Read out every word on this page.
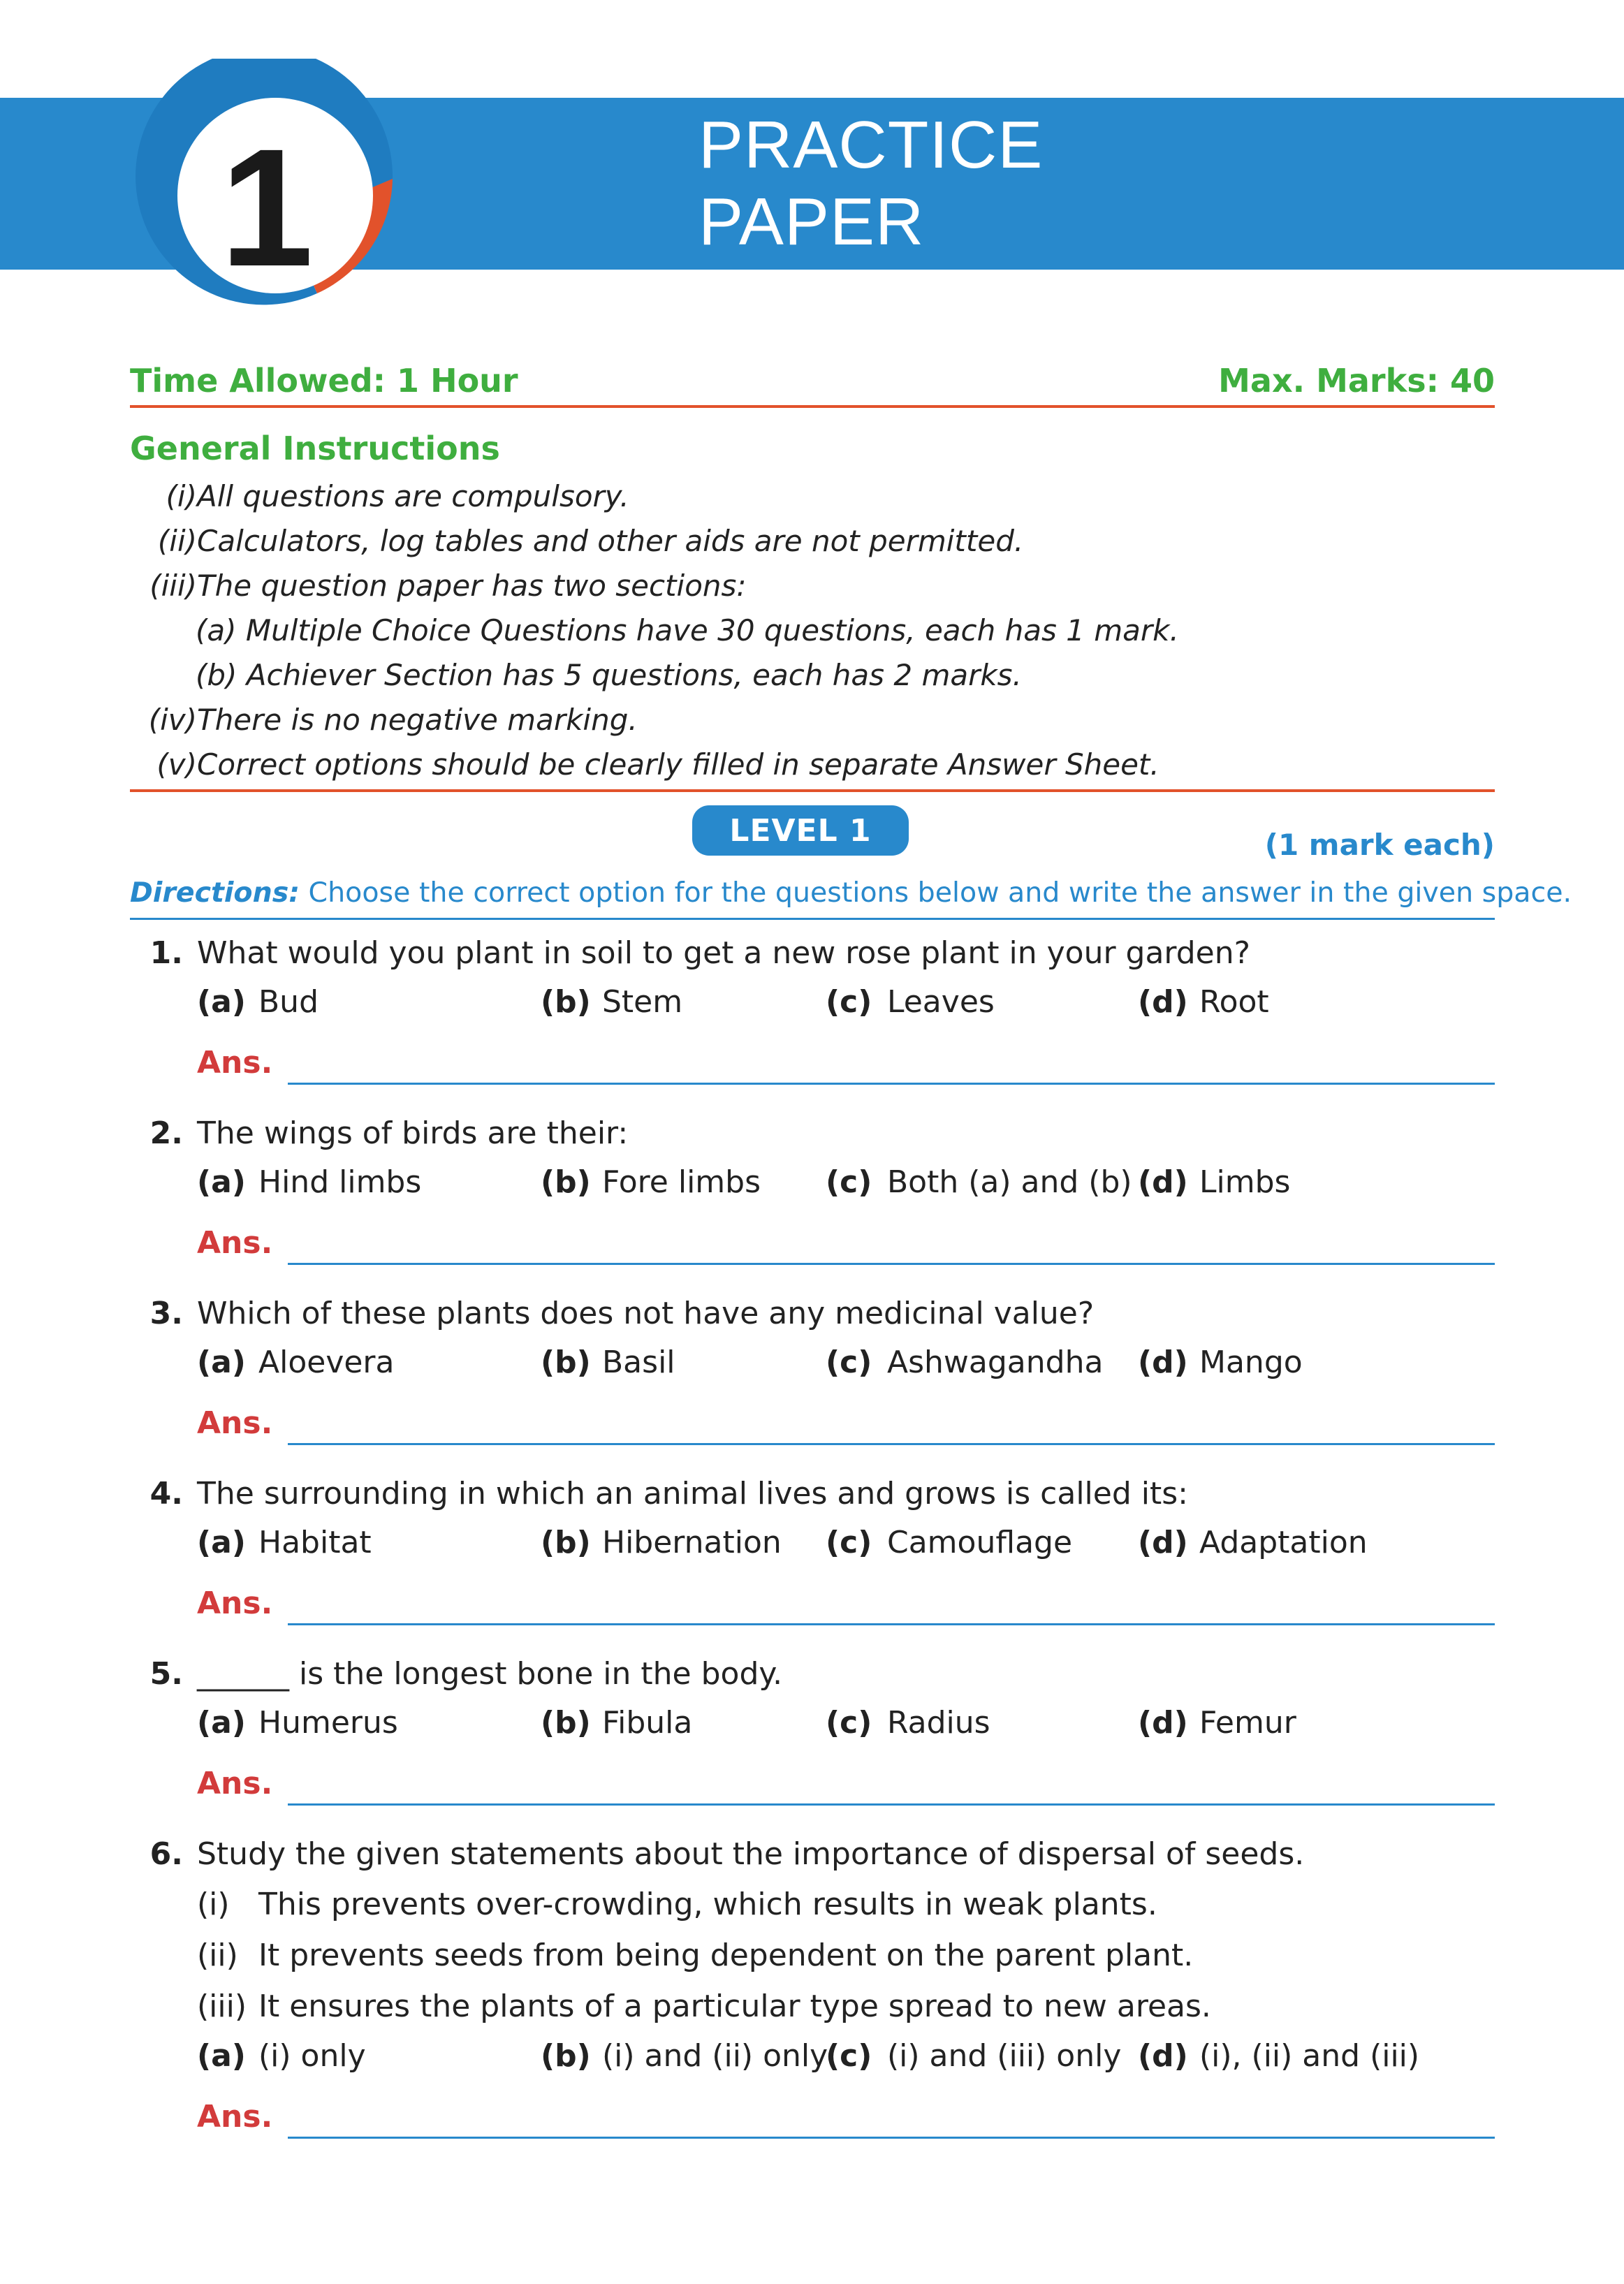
PRACTICE PAPER
1
Time Allowed: 1 Hour	Max. Marks: 40
General Instructions
(i) All questions are compulsory.
(ii) Calculators, log tables and other aids are not permitted.
(iii) The question paper has two sections:
(a) Multiple Choice Questions have 30 questions, each has 1 mark.
(b) Achiever Section has 5 questions, each has 2 marks.
(iv) There is no negative marking.
(v) Correct options should be clearly filled in separate Answer Sheet.
LEVEL 1	(1 mark each)
Directions: Choose the correct option for the questions below and write the answer in the given space.
1. What would you plant in soil to get a new rose plant in your garden?
(a) Bud	(b) Stem	(c) Leaves	(d) Root
Ans.
2. The wings of birds are their:
(a) Hind limbs	(b) Fore limbs (c) Both (a) and (b) (d) Limbs
Ans.
3. Which of these plants does not have any medicinal value?
(a) Aloevera	(b) Basil	(c) Ashwagandha (d) Mango
Ans.
4. The surrounding in which an animal lives and grows is called its:
(a) Habitat	(b) Hibernation (c) Camouflage (d) Adaptation
Ans.
5. ______ is the longest bone in the body.
(a) Humerus	(b) Fibula	(c) Radius	(d) Femur
Ans.
6. Study the given statements about the importance of dispersal of seeds.
(i) This prevents over-crowding, which results in weak plants.
(ii) It prevents seeds from being dependent on the parent plant.
(iii) It ensures the plants of a particular type spread to new areas.
(a) (i) only	(b) (i) and (ii) only
(c) (i) and (iii) only (d) (i), (ii) and (iii)
Ans.
